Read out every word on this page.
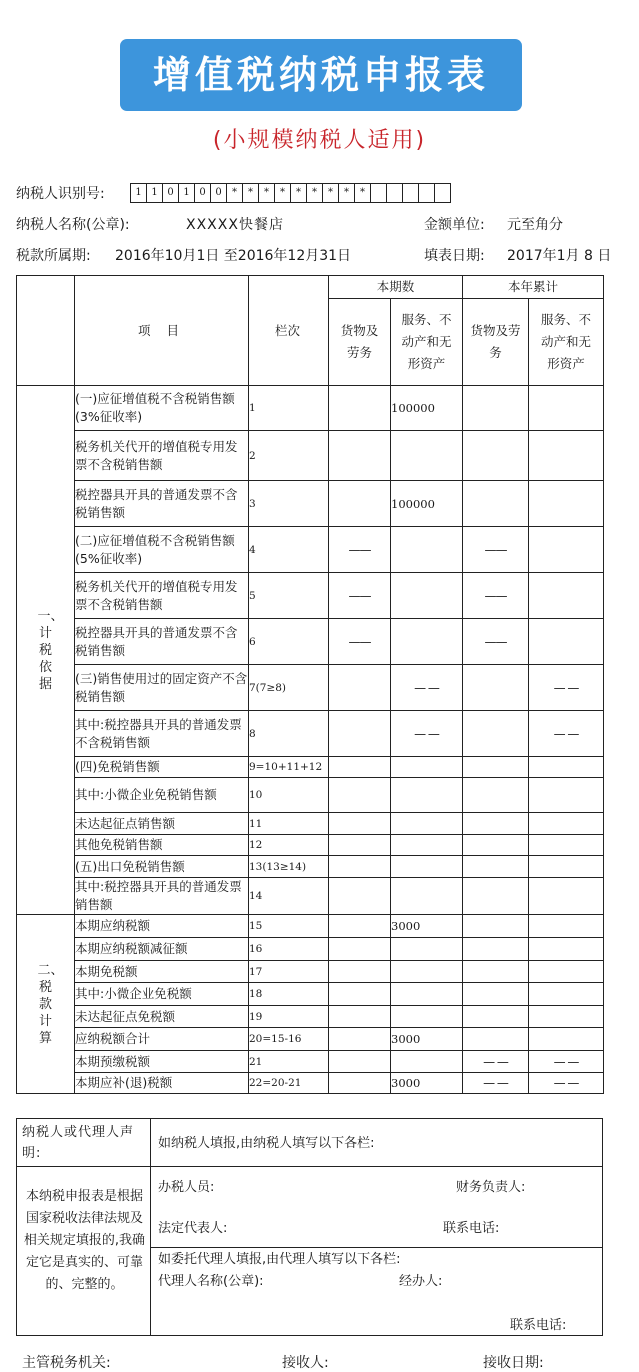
增值税纳税申报表
(小规模纳税人适用)
纳税人识别号:	1 1 0 1 0 0	*	*	*	*	*	*	*	*	*
纳税人名称(公章):	XXXXX快餐店	金额单位: 元至角分
税款所属期: 2016年10月1日 至2016年12月31日	填表日期: 2017年1月 8 日
	项 目	栏次	本期数		本年累计	
			货物及劳务	服务、不动产和无形资产	货物及劳务	服务、不动产和无形资产

一、计税依据	(一)应征增值税不含税销售额(3%征收率)	1		100000		
	税务机关代开的增值税专用发票不含税销售额	2				
	税控器具开具的普通发票不含税销售额	3		100000		
	(二)应征增值税不含税销售额(5%征收率)	4	——		——	
	税务机关代开的增值税专用发票不含税销售额	5	——		——	
	税控器具开具的普通发票不含税销售额	6	——		——	
	(三)销售使用过的固定资产不含税销售额	7(7≥8)		— —		— —
	其中:税控器具开具的普通发票不含税销售额	8		— —		— —
	(四)免税销售额	9=10+11+12				
	其中:小微企业免税销售额	10				
	未达起征点销售额	11				
	其他免税销售额	12				
	(五)出口免税销售额	13(13≥14)				
	其中:税控器具开具的普通发票销售额	14				

二、税款计算	本期应纳税额	15		3000		
	本期应纳税额减征额	16				
	本期免税额	17				
	其中:小微企业免税额	18				
	未达起征点免税额	19				
	应纳税额合计	20=15-16		3000		
	本期预缴税额	21			— —	— —
	本期应补(退)税额	22=20-21		3000	— —	— —
纳税人或代理人声明:
本纳税申报表是根据国家税收法律法规及相关规定填报的,我确定它是真实的、可靠的、完整的。
如纳税人填报,由纳税人填写以下各栏:
办税人员:	财务负责人:
法定代表人:	联系电话:
如委托代理人填报,由代理人填写以下各栏:
代理人名称(公章):	经办人:
联系电话:
主管税务机关:	接收人:	接收日期:
